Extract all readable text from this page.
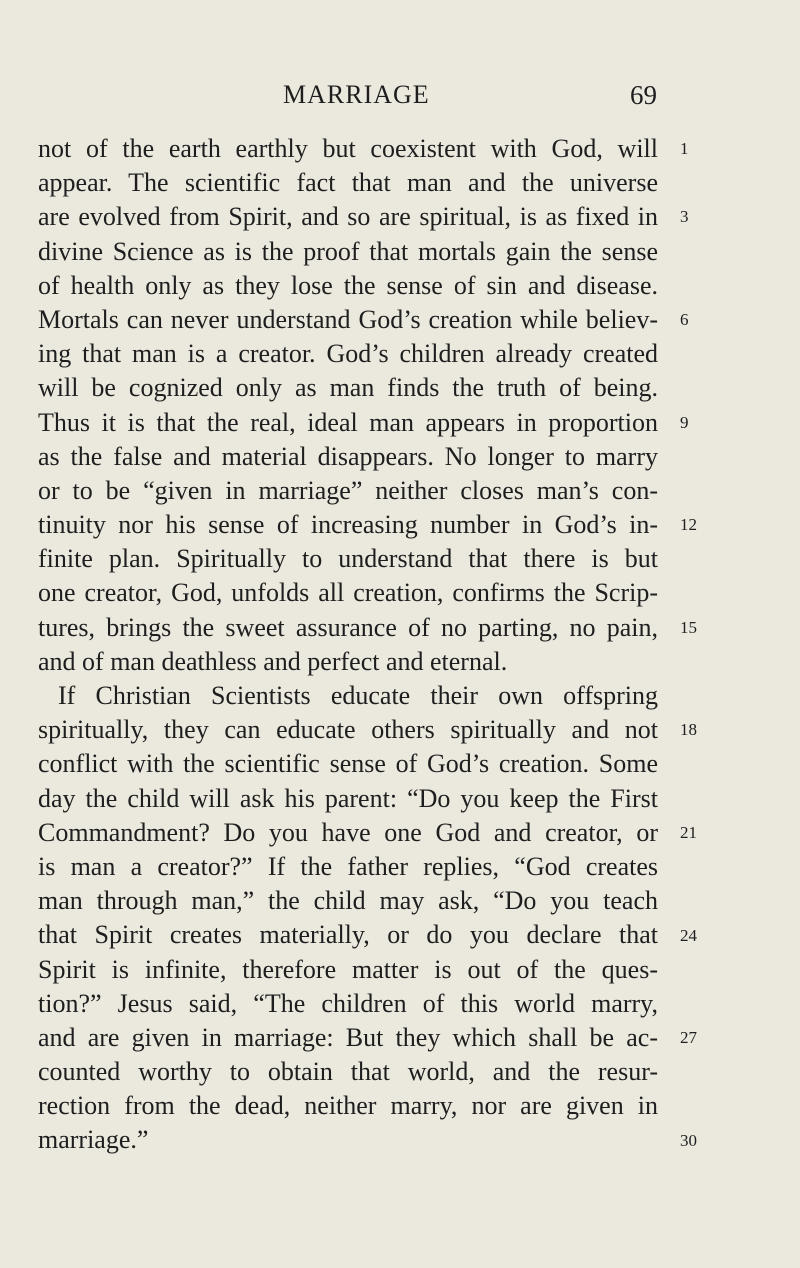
MARRIAGE	69
not of the earth earthly but coexistent with God, will
appear. The scientific fact that man and the universe
are evolved from Spirit, and so are spiritual, is as fixed in
divine Science as is the proof that mortals gain the sense
of health only as they lose the sense of sin and disease.
Mortals can never understand God’s creation while believ-
ing that man is a creator. God’s children already created
will be cognized only as man finds the truth of being.
Thus it is that the real, ideal man appears in proportion
as the false and material disappears. No longer to marry
or to be “given in marriage” neither closes man’s con-
tinuity nor his sense of increasing number in God’s in-
finite plan. Spiritually to understand that there is but
one creator, God, unfolds all creation, confirms the Scrip-
tures, brings the sweet assurance of no parting, no pain,
and of man deathless and perfect and eternal.
If Christian Scientists educate their own offspring
spiritually, they can educate others spiritually and not
conflict with the scientific sense of God’s creation. Some
day the child will ask his parent: “Do you keep the First
Commandment? Do you have one God and creator, or
is man a creator?” If the father replies, “God creates
man through man,” the child may ask, “Do you teach
that Spirit creates materially, or do you declare that
Spirit is infinite, therefore matter is out of the ques-
tion?” Jesus said, “The children of this world marry,
and are given in marriage: But they which shall be ac-
counted worthy to obtain that world, and the resur-
rection from the dead, neither marry, nor are given in
marriage.”
1
3
6
9
12
15
18
21
24
27
30
